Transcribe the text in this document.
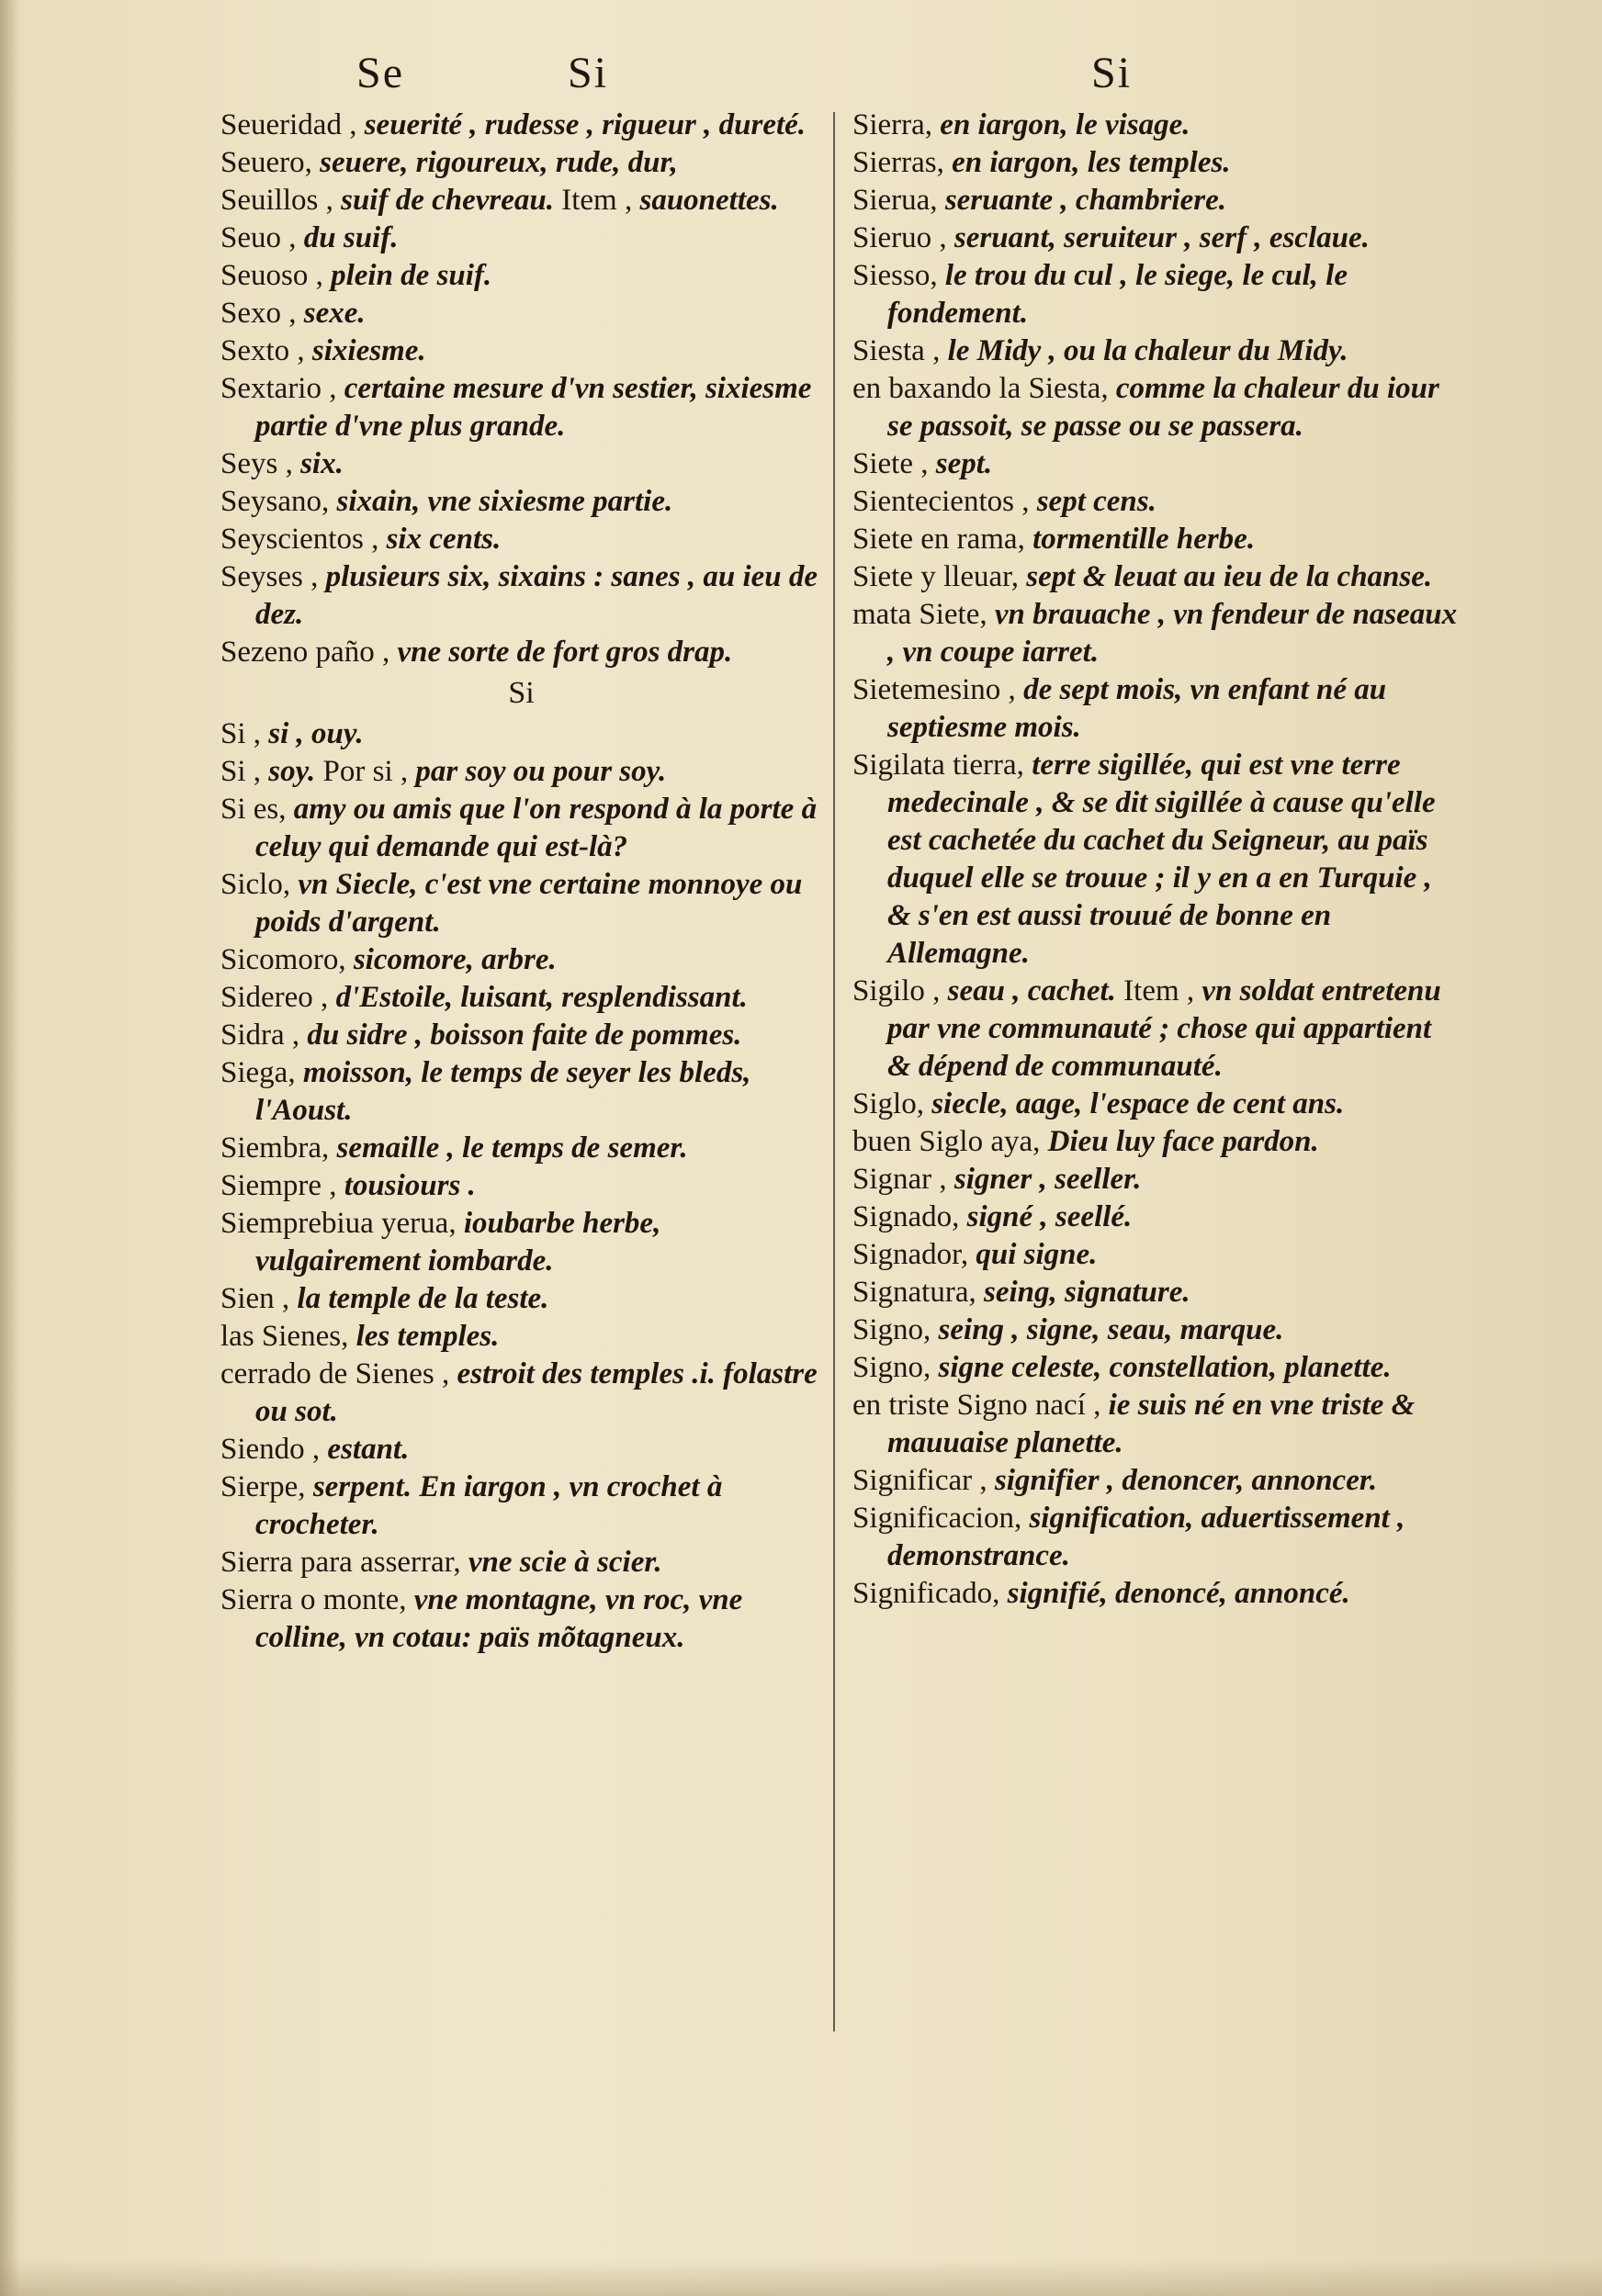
Se	Si	Si

Seueridad , seuerité , rudesse , rigueur , dureté.

Seuero, seuere, rigoureux, rude, dur,

Seuillos , suif de chevreau. Item , sauonettes.

Seuo , du suif.

Seuoso , plein de suif.

Sexo , sexe.

Sexto , sixiesme.

Sextario , certaine mesure d'vn sestier, sixiesme partie d'vne plus grande.

Seys , six.

Seysano, sixain, vne sixiesme partie.

Seyscientos , six cents.

Seyses , plusieurs six, sixains : sanes , au ieu de dez.

Sezeno paño , vne sorte de fort gros drap.

Si

Si , si , ouy.

Si , soy. Por si , par soy ou pour soy.

Si es, amy ou amis que l'on respond à la porte à celuy qui demande qui est-là?

Siclo, vn Siecle, c'est vne certaine monnoye ou poids d'argent.

Sicomoro, sicomore, arbre.

Sidereo , d'Estoile, luisant, resplendissant.

Sidra , du sidre , boisson faite de pommes.

Siega, moisson, le temps de seyer les bleds, l'Aoust.

Siembra, semaille , le temps de semer.

Siempre , tousiours .

Siemprebiua yerua, ioubarbe herbe, vulgairement iombarde.

Sien , la temple de la teste.

las Sienes, les temples.

cerrado de Sienes , estroit des temples .i. folastre ou sot.

Siendo , estant.

Sierpe, serpent. En iargon , vn crochet à crocheter.

Sierra para asserrar, vne scie à scier.

Sierra o monte, vne montagne, vn roc, vne colline, vn cotau: païs mõtagneux.

Sierra, en iargon, le visage.

Sierras, en iargon, les temples.

Sierua, seruante , chambriere.

Sieruo , seruant, seruiteur , serf , esclaue.

Siesso, le trou du cul , le siege, le cul, le fondement.

Siesta , le Midy , ou la chaleur du Midy.

en baxando la Siesta, comme la chaleur du iour se passoit, se passe ou se passera.

Siete , sept.

Sientecientos , sept cens.

Siete en rama, tormentille herbe.

Siete y lleuar, sept & leuat au ieu de la chanse.

mata Siete, vn brauache , vn fendeur de naseaux , vn coupe iarret.

Sietemesino , de sept mois, vn enfant né au septiesme mois.

Sigilata tierra, terre sigillée, qui est vne terre medecinale , & se dit sigillée à cause qu'elle est cachetée du cachet du Seigneur, au païs duquel elle se trouue ; il y en a en Turquie , & s'en est aussi trouué de bonne en Allemagne.

Sigilo , seau , cachet. Item , vn soldat entretenu par vne communauté ; chose qui appartient & dépend de communauté.

Siglo, siecle, aage, l'espace de cent ans.

buen Siglo aya, Dieu luy face pardon.

Signar , signer , seeller.

Signado, signé , seellé.

Signador, qui signe.

Signatura, seing, signature.

Signo, seing , signe, seau, marque.

Signo, signe celeste, constellation, planette.

en triste Signo nací , ie suis né en vne triste & mauuaise planette.

Significar , signifier , denoncer, annoncer.

Significacion, signification, aduertissement , demonstrance.

Significado, signifié, denoncé, annoncé.
